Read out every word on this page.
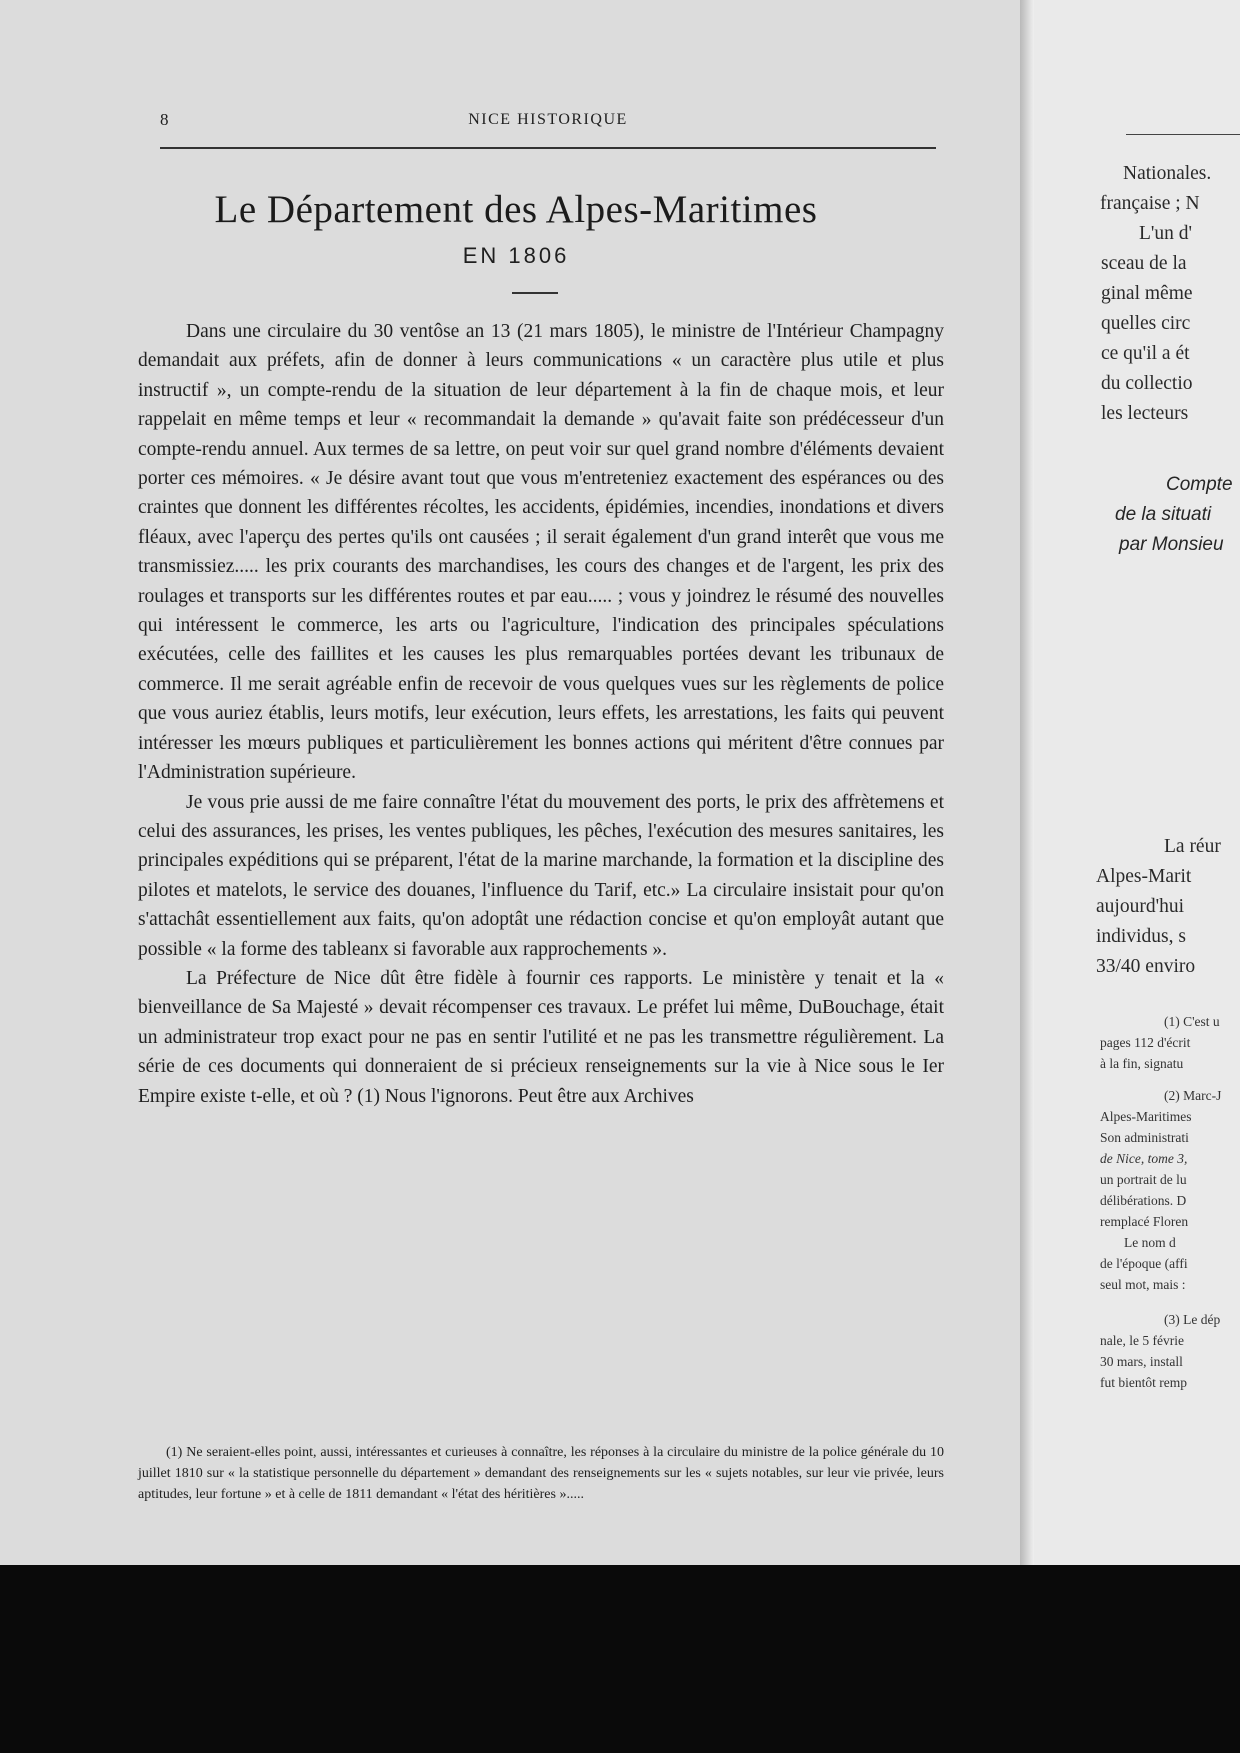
8	NICE HISTORIQUE
Le Département des Alpes-Maritimes
EN 1806

Dans une circulaire du 30 ventôse an 13 (21 mars 1805), le ministre de l'Intérieur Champagny demandait aux préfets, afin de donner à leurs communications « un caractère plus utile et plus instructif », un compte-rendu de la situation de leur département à la fin de chaque mois, et leur rappelait en même temps et leur « recommandait la demande » qu'avait faite son prédécesseur d'un compte-rendu annuel. Aux termes de sa lettre, on peut voir sur quel grand nombre d'éléments devaient porter ces mémoires. « Je désire avant tout que vous m'entreteniez exactement des espérances ou des craintes que donnent les différentes récoltes, les accidents, épidémies, incendies, inondations et divers fléaux, avec l'aperçu des pertes qu'ils ont causées ; il serait également d'un grand interêt que vous me transmissiez..... les prix courants des marchandises, les cours des changes et de l'argent, les prix des roulages et transports sur les différentes routes et par eau..... ; vous y joindrez le résumé des nouvelles qui intéressent le commerce, les arts ou l'agriculture, l'indication des principales spéculations exécutées, celle des faillites et les causes les plus remarquables portées devant les tribunaux de commerce. Il me serait agréable enfin de recevoir de vous quelques vues sur les règlements de police que vous auriez établis, leurs motifs, leur exécution, leurs effets, les arrestations, les faits qui peuvent intéresser les mœurs publiques et particulièrement les bonnes actions qui méritent d'être connues par l'Administration supérieure.

Je vous prie aussi de me faire connaître l'état du mouvement des ports, le prix des affrètemens et celui des assurances, les prises, les ventes publiques, les pêches, l'exécution des mesures sanitaires, les principales expéditions qui se préparent, l'état de la marine marchande, la formation et la discipline des pilotes et matelots, le service des douanes, l'influence du Tarif, etc.» La circulaire insistait pour qu'on s'attachât essentiellement aux faits, qu'on adoptât une rédaction concise et qu'on employât autant que possible « la forme des tableanx si favorable aux rapprochements ».

La Préfecture de Nice dût être fidèle à fournir ces rapports. Le ministère y tenait et la « bienveillance de Sa Majesté » devait récompenser ces travaux. Le préfet lui même, DuBouchage, était un administrateur trop exact pour ne pas en sentir l'utilité et ne pas les transmettre régulièrement. La série de ces documents qui donneraient de si précieux renseignements sur la vie à Nice sous le Ier Empire existe t-elle, et où ? (1) Nous l'ignorons. Peut être aux Archives

(1) Ne seraient-elles point, aussi, intéressantes et curieuses à connaître, les réponses à la circulaire du ministre de la police générale du 10 juillet 1810 sur « la statistique personnelle du département » demandant des renseignements sur les « sujets notables, sur leur vie privée, leurs aptitudes, leur fortune » et à celle de 1811 demandant « l'état des héritières ».....

Nationales.
française ; N
L'un d'
sceau de la
ginal même
quelles circ
ce qu'il a ét
du collectio
les lecteurs
Compte
de la situati
par Monsieu
La réur
Alpes-Marit
aujourd'hui
individus, s
33/40 enviro
(1) C'est u
pages 112 d'écrit
à la fin, signatu
(2) Marc-J
Alpes-Maritimes
Son administrati
de Nice, tome 3,
un portrait de lu
délibérations. D
remplacé Floren
Le nom d
de l'époque (affi
seul mot, mais :
(3) Le dép
nale, le 5 févrie
30 mars, install
fut bientôt remp
